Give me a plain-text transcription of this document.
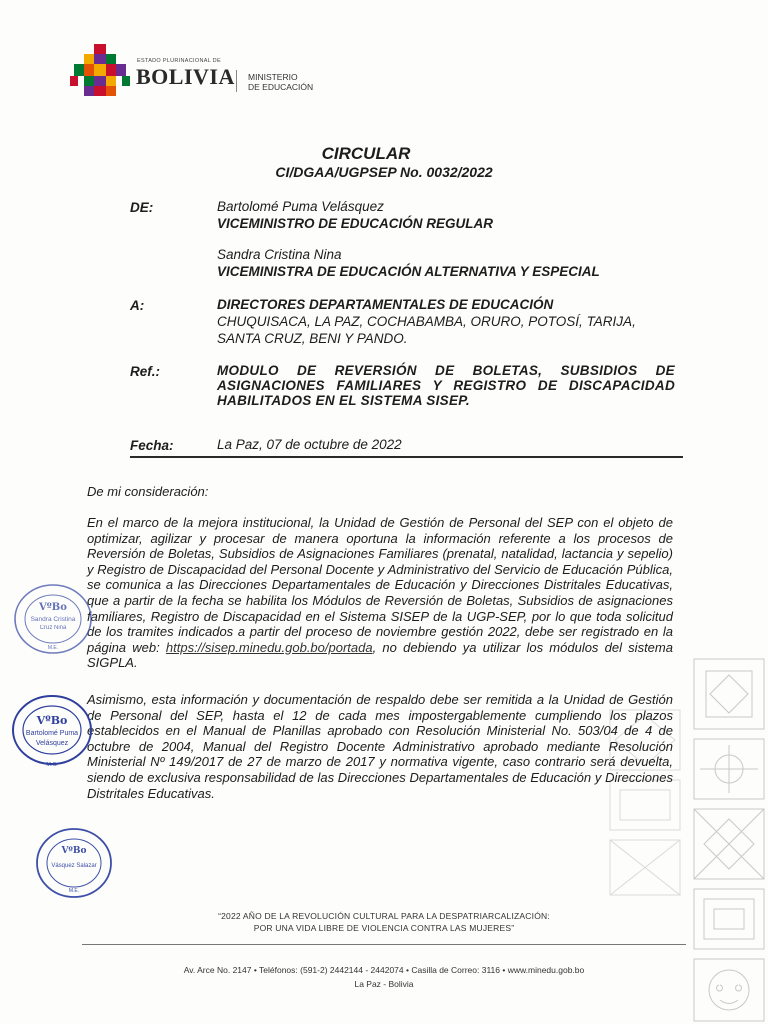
ESTADO PLURINACIONAL DE
BOLIVIA MINISTERIO
DE EDUCACIÓN
CIRCULAR
CI/DGAA/UGPSEP No. 0032/2022
DE:	Bartolomé Puma Velásquez
VICEMINISTRO DE EDUCACIÓN REGULAR
Sandra Cristina Nina
VICEMINISTRA DE EDUCACIÓN ALTERNATIVA Y ESPECIAL
A:	DIRECTORES DEPARTAMENTALES DE EDUCACIÓN
CHUQUISACA, LA PAZ, COCHABAMBA, ORURO, POTOSÍ, TARIJA,
SANTA CRUZ, BENI Y PANDO.
Ref.:	MODULO DE REVERSIÓN DE BOLETAS, SUBSIDIOS DE ASIGNACIONES FAMILIARES Y REGISTRO DE DISCAPACIDAD HABILITADOS EN EL SISTEMA SISEP.
Fecha:	La Paz, 07 de octubre de 2022
De mi consideración:
En el marco de la mejora institucional, la Unidad de Gestión de Personal del SEP con el objeto de optimizar, agilizar y procesar de manera oportuna la información referente a los procesos de Reversión de Boletas, Subsidios de Asignaciones Familiares (prenatal, natalidad, lactancia y sepelio) y Registro de Discapacidad del Personal Docente y Administrativo del Servicio de Educación Pública, se comunica a las Direcciones Departamentales de Educación y Direcciones Distritales Educativas, que a partir de la fecha se habilita los Módulos de Reversión de Boletas, Subsidios de asignaciones familiares, Registro de Discapacidad en el Sistema SISEP de la UGP-SEP, por lo que toda solicitud de los tramites indicados a partir del proceso de noviembre gestión 2022, debe ser registrado en la página web: https://sisep.minedu.gob.bo/portada, no debiendo ya utilizar los módulos del sistema SIGPLA.
Asimismo, esta información y documentación de respaldo debe ser remitida a la Unidad de Gestión de Personal del SEP, hasta el 12 de cada mes impostergablemente cumpliendo los plazos establecidos en el Manual de Planillas aprobado con Resolución Ministerial No. 503/04 de 4 de octubre de 2004, Manual del Registro Docente Administrativo aprobado mediante Resolución Ministerial Nº 149/2017 de 27 de marzo de 2017 y normativa vigente, caso contrario será devuelta, siendo de exclusiva responsabilidad de las Direcciones Departamentales de Educación y Direcciones Distritales Educativas.
VºBo
Sandra Cristina
Cruz Nina
M.E.
VºBo
Bartolomé Puma
Velásquez
M.S.
VºBo
Vásquez Salazar
M.E.
“2022 AÑO DE LA REVOLUCIÓN CULTURAL PARA LA DESPATRIARCALIZACIÓN:
POR UNA VIDA LIBRE DE VIOLENCIA CONTRA LAS MUJERES”
Av. Arce No. 2147 • Teléfonos: (591-2) 2442144 - 2442074 • Casilla de Correo: 3116 • www.minedu.gob.bo
La Paz - Bolivia
